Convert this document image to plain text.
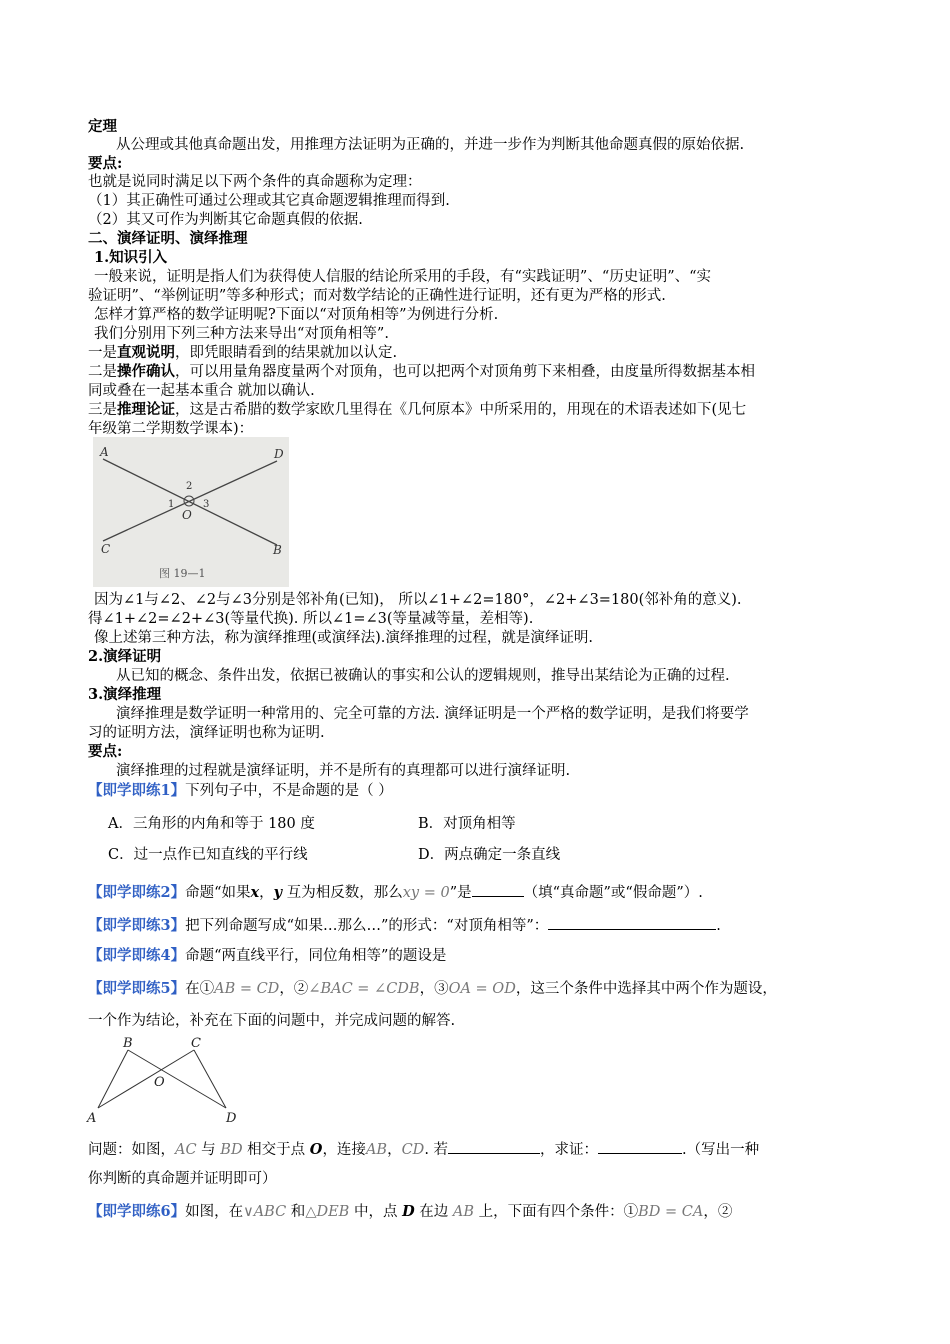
定理
从公理或其他真命题出发，用推理方法证明为正确的，并进一步作为判断其他命题真假的原始依据.
要点:
也就是说同时满足以下两个条件的真命题称为定理：
（1）其正确性可通过公理或其它真命题逻辑推理而得到.
（2）其又可作为判断其它命题真假的依据.
二、演绎证明、演绎推理
1.知识引入
一般来说，证明是指人们为获得使人信服的结论所采用的手段，有“实践证明”、“历史证明”、“实
验证明”、“举例证明”等多种形式；而对数学结论的正确性进行证明，还有更为严格的形式.
怎样才算严格的数学证明呢?下面以“对顶角相等”为例进行分析.
我们分别用下列三种方法来导出“对顶角相等”.
一是直观说明，即凭眼睛看到的结果就加以认定.
二是操作确认，可以用量角器度量两个对顶角，也可以把两个对顶角剪下来相叠，由度量所得数据基本相
同或叠在一起基本重合 就加以确认.
三是推理论证，这是古希腊的数学家欧几里得在《几何原本》中所采用的，用现在的术语表述如下(见七
年级第二学期数学课本)：
A	D
C	B
O
1
2
3
图 19—1
因为∠1与∠2、∠2与∠3分别是邻补角(已知)， 所以∠1+∠2=180°，∠2+∠3=180(邻补角的意义).
得∠1+∠2=∠2+∠3(等量代换). 所以∠1=∠3(等量减等量，差相等).
像上述第三种方法，称为演绎推理(或演绎法).演绎推理的过程，就是演绎证明.
2.演绎证明
从已知的概念、条件出发，依据已被确认的事实和公认的逻辑规则，推导出某结论为正确的过程.
3.演绎推理
演绎推理是数学证明一种常用的、完全可靠的方法. 演绎证明是一个严格的数学证明，是我们将要学
习的证明方法，演绎证明也称为证明.
要点:
演绎推理的过程就是演绎证明，并不是所有的真理都可以进行演绎证明.
【即学即练1】下列句子中，不是命题的是（ ）
A．三角形的内角和等于 180 度	B．对顶角相等
C．过一点作已知直线的平行线	D．两点确定一条直线
【即学即练2】命题“如果x，y 互为相反数，那么xy = 0”是	（填“真命题”或“假命题”）.
【即学即练3】把下列命题写成“如果…那么…”的形式：“对顶角相等”：	.
【即学即练4】命题“两直线平行，同位角相等”的题设是
【即学即练5】在①AB = CD，②∠BAC = ∠CDB，③OA = OD，这三个条件中选择其中两个作为题设，
一个作为结论，补充在下面的问题中，并完成问题的解答.
B	C
O
A	D
问题：如图，AC 与 BD 相交于点 O，连接AB，CD. 若	，求证：	.（写出一种
你判断的真命题并证明即可）
【即学即练6】如图，在∨ABC 和△DEB 中，点 D 在边 AB 上，下面有四个条件：①BD = CA，②
